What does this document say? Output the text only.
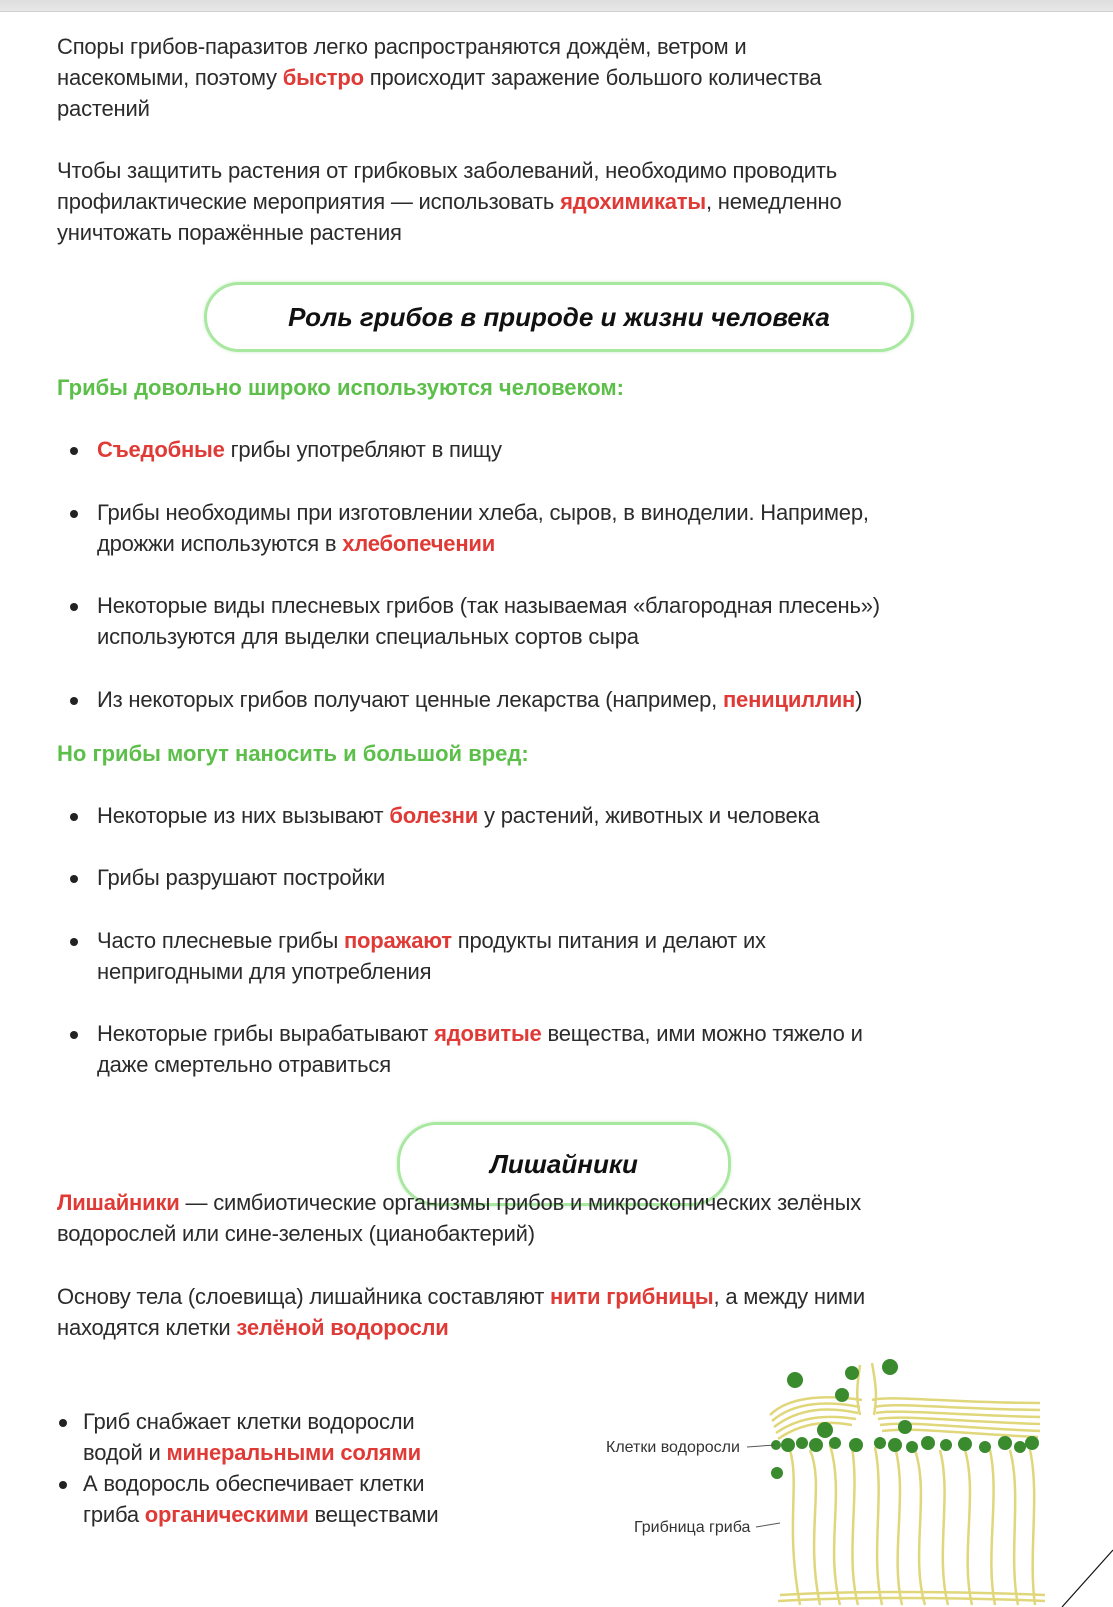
Споры грибов-паразитов легко распространяются дождём, ветром и

насекомыми, поэтому быстро происходит заражение большого количества

растений

Чтобы защитить растения от грибковых заболеваний, необходимо проводить

профилактические мероприятия — использовать ядохимикаты, немедленно

уничтожать поражённые растения

Роль грибов в природе и жизни человека
Грибы довольно широко используются человеком:
Съедобные грибы употребляют в пищу
Грибы необходимы при изготовлении хлеба, сыров, в виноделии. Например,
дрожжи используются в хлебопечении
Некоторые виды плесневых грибов (так называемая «благородная плесень»)
используются для выделки специальных сортов сыра
Из некоторых грибов получают ценные лекарства (например, пенициллин)
Но грибы могут наносить и большой вред:
Некоторые из них вызывают болезни у растений, животных и человека
Грибы разрушают постройки
Часто плесневые грибы поражают продукты питания и делают их
непригодными для употребления
Некоторые грибы вырабатывают ядовитые вещества, ими можно тяжело и
даже смертельно отравиться
Лишайники

Лишайники — симбиотические организмы грибов и микроскопических зелёных

водорослей или сине-зеленых (цианобактерий)

Основу тела (слоевища) лишайника составляют нити грибницы, а между ними

находятся клетки зелёной водоросли

Гриб снабжает клетки водоросли
водой и минеральными солями
А водоросль обеспечивает клетки
гриба органическими веществами
Клетки водоросли
Грибница гриба
